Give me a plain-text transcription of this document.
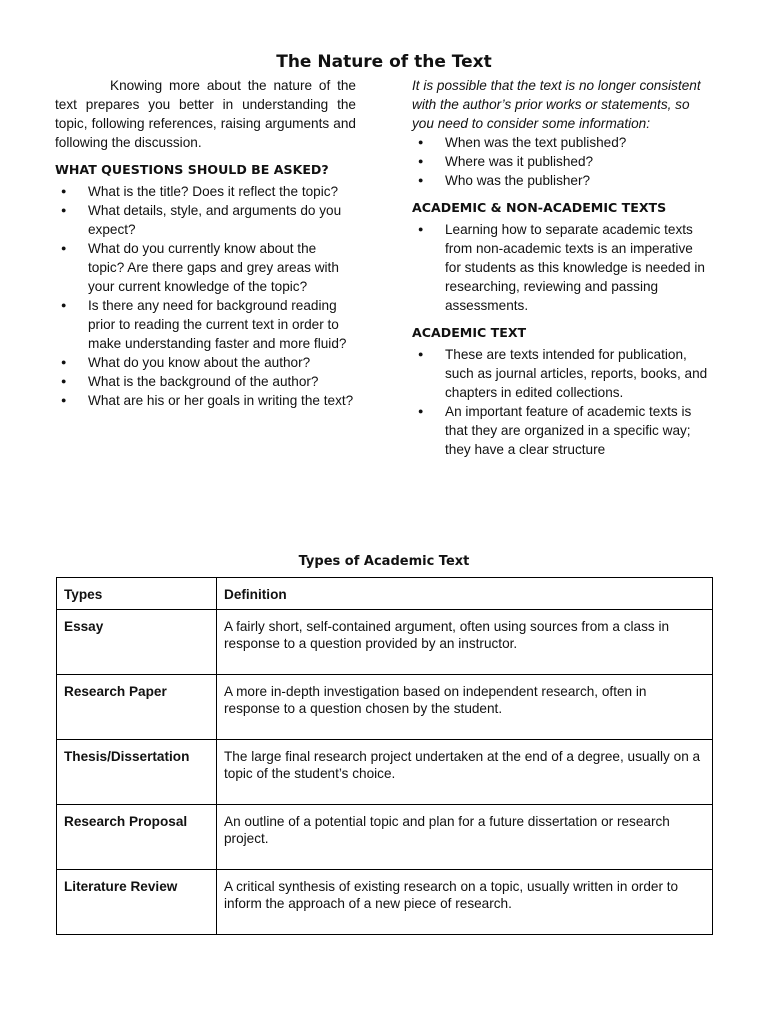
The Nature of the Text

Knowing more about the nature of the text prepares you better in understanding the topic, following references, raising arguments and following the discussion.

WHAT QUESTIONS SHOULD BE ASKED?
● What is the title? Does it reflect the topic?
● What details, style, and arguments do you expect?
● What do you currently know about the topic? Are there gaps and grey areas with your current knowledge of the topic?
● Is there any need for background reading prior to reading the current text in order to make understanding faster and more fluid?
● What do you know about the author?
● What is the background of the author?
● What are his or her goals in writing the text?

It is possible that the text is no longer consistent with the author’s prior works or statements, so you need to consider some information:

● When was the text published?
● Where was it published?
● Who was the publisher?
ACADEMIC & NON-ACADEMIC TEXTS
● Learning how to separate academic texts from non-academic texts is an imperative for students as this knowledge is needed in researching, reviewing and passing assessments.
ACADEMIC TEXT
● These are texts intended for publication, such as journal articles, reports, books, and chapters in edited collections.
● An important feature of academic texts is that they are organized in a specific way; they have a clear structure
Types of Academic Text
Types	Definition
Essay	A fairly short, self-contained argument, often using sources from a class in response to a question provided by an instructor.
Research Paper	A more in-depth investigation based on independent research, often in response to a question chosen by the student.
Thesis/Dissertation	The large final research project undertaken at the end of a degree, usually on a topic of the student’s choice.
Research Proposal	An outline of a potential topic and plan for a future dissertation or research project.
Literature Review	A critical synthesis of existing research on a topic, usually written in order to inform the approach of a new piece of research.
